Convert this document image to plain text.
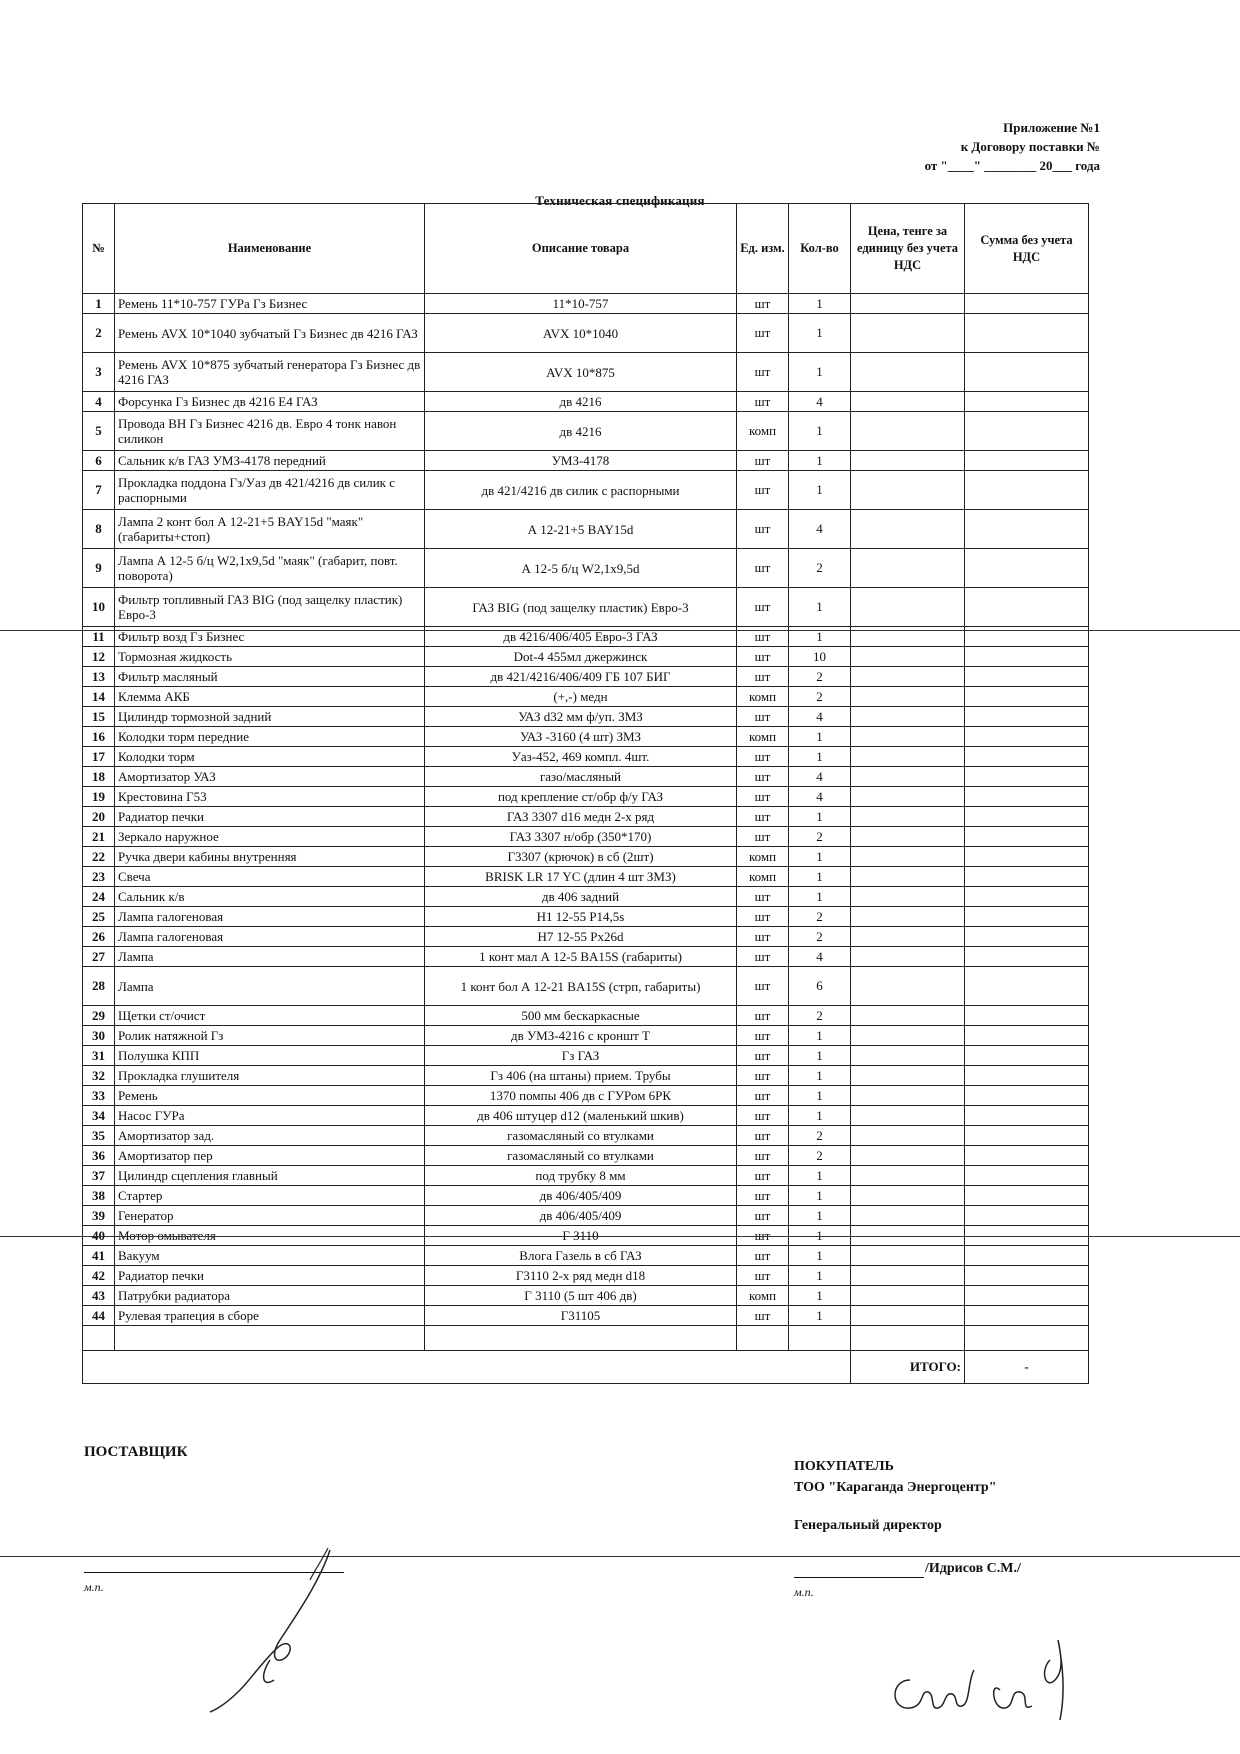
Приложение №1
к Договору поставки №
от "____" ________ 20___ года
Техническая спецификация
№	Наименование	Описание товара	Ед. изм.	Кол-во	Цена, тенге за единицу без учета НДС	Сумма без учета НДС
1	Ремень 11*10-757 ГУРа Гз Бизнес	11*10-757	шт	1		
2	Ремень AVX 10*1040 зубчатый Гз Бизнес дв 4216 ГАЗ	AVX 10*1040	шт	1		
3	Ремень AVX 10*875 зубчатый генератора Гз Бизнес дв 4216 ГАЗ	AVX 10*875	шт	1		
4	Форсунка Гз Бизнес дв 4216 Е4 ГАЗ	дв 4216	шт	4		
5	Провода ВН Гз Бизнес 4216 дв. Евро 4 тонк навон силикон	дв 4216	комп	1		
6	Сальник к/в ГАЗ УМЗ-4178 передний	УМЗ-4178	шт	1		
7	Прокладка поддона Гз/Уаз дв 421/4216 дв силик с распорными	дв 421/4216 дв силик с распорными	шт	1		
8	Лампа 2 конт бол А 12-21+5 BAY15d "маяк" (габариты+стоп)	А 12-21+5 BAY15d	шт	4		
9	Лампа А 12-5 б/ц W2,1х9,5d "маяк" (габарит, повт. поворота)	А 12-5 б/ц W2,1х9,5d	шт	2		
10	Фильтр топливный ГАЗ BIG (под защелку пластик) Евро-3	ГАЗ BIG (под защелку пластик) Евро-3	шт	1		
11	Фильтр возд Гз Бизнес	дв 4216/406/405 Евро-3 ГАЗ	шт	1		
12	Тормозная жидкость	Dot-4 455мл джержинск	шт	10		
13	Фильтр масляный	дв 421/4216/406/409 ГБ 107 БИГ	шт	2		
14	Клемма АКБ	(+,-) медн	комп	2		
15	Цилиндр тормозной задний	УАЗ d32 мм ф/уп. ЗМЗ	шт	4		
16	Колодки торм передние	УАЗ -3160 (4 шт) ЗМЗ	комп	1		
17	Колодки торм	Уаз-452, 469 компл. 4шт.	шт	1		
18	Амортизатор УАЗ	газо/масляный	шт	4		
19	Крестовина Г53	под крепление ст/обр ф/у ГАЗ	шт	4		
20	Радиатор печки	ГАЗ 3307 d16 медн 2-х ряд	шт	1		
21	Зеркало наружное	ГАЗ 3307 н/обр (350*170)	шт	2		
22	Ручка двери кабины внутренняя	Г3307 (крючок) в сб (2шт)	комп	1		
23	Свеча	BRISK LR 17 YC (длин 4 шт ЗМЗ)	комп	1		
24	Сальник к/в	дв 406 задний	шт	1		
25	Лампа галогеновая	H1 12-55 P14,5s	шт	2		
26	Лампа галогеновая	H7 12-55 Px26d	шт	2		
27	Лампа	1 конт мал А 12-5 BA15S (габариты)	шт	4		
28	Лампа	1 конт бол А 12-21 BA15S (стрп, габариты)	шт	6		
29	Щетки ст/очист	500 мм бескаркасные	шт	2		
30	Ролик натяжной Гз	дв УМЗ-4216 с кроншт Т	шт	1		
31	Полушка КПП	Гз ГАЗ	шт	1		
32	Прокладка глушителя	Гз 406 (на штаны) прием. Трубы	шт	1		
33	Ремень	1370 помпы 406 дв с ГУРом 6РК	шт	1		
34	Насос ГУРа	дв 406 штуцер d12 (маленький шкив)	шт	1		
35	Амортизатор зад.	газомасляный со втулками	шт	2		
36	Амортизатор пер	газомасляный со втулками	шт	2		
37	Цилиндр сцепления главный	под трубку 8 мм	шт	1		
38	Стартер	дв 406/405/409	шт	1		
39	Генератор	дв 406/405/409	шт	1		
40	Мотор омывателя	Г 3110	шт	1		
41	Вакуум	Влога Газель в сб ГАЗ	шт	1		
42	Радиатор печки	Г3110 2-х ряд медн d18	шт	1		
43	Патрубки радиатора	Г 3110 (5 шт 406 дв)	комп	1		
44	Рулевая трапеция в сборе	Г31105	шт	1		

					ИТОГО:	-
ПОСТАВЩИК
м.п.
ПОКУПАТЕЛЬ
ТОО "Караганда Энергоцентр"
Генеральный директор
/Идрисов С.М./
м.п.
